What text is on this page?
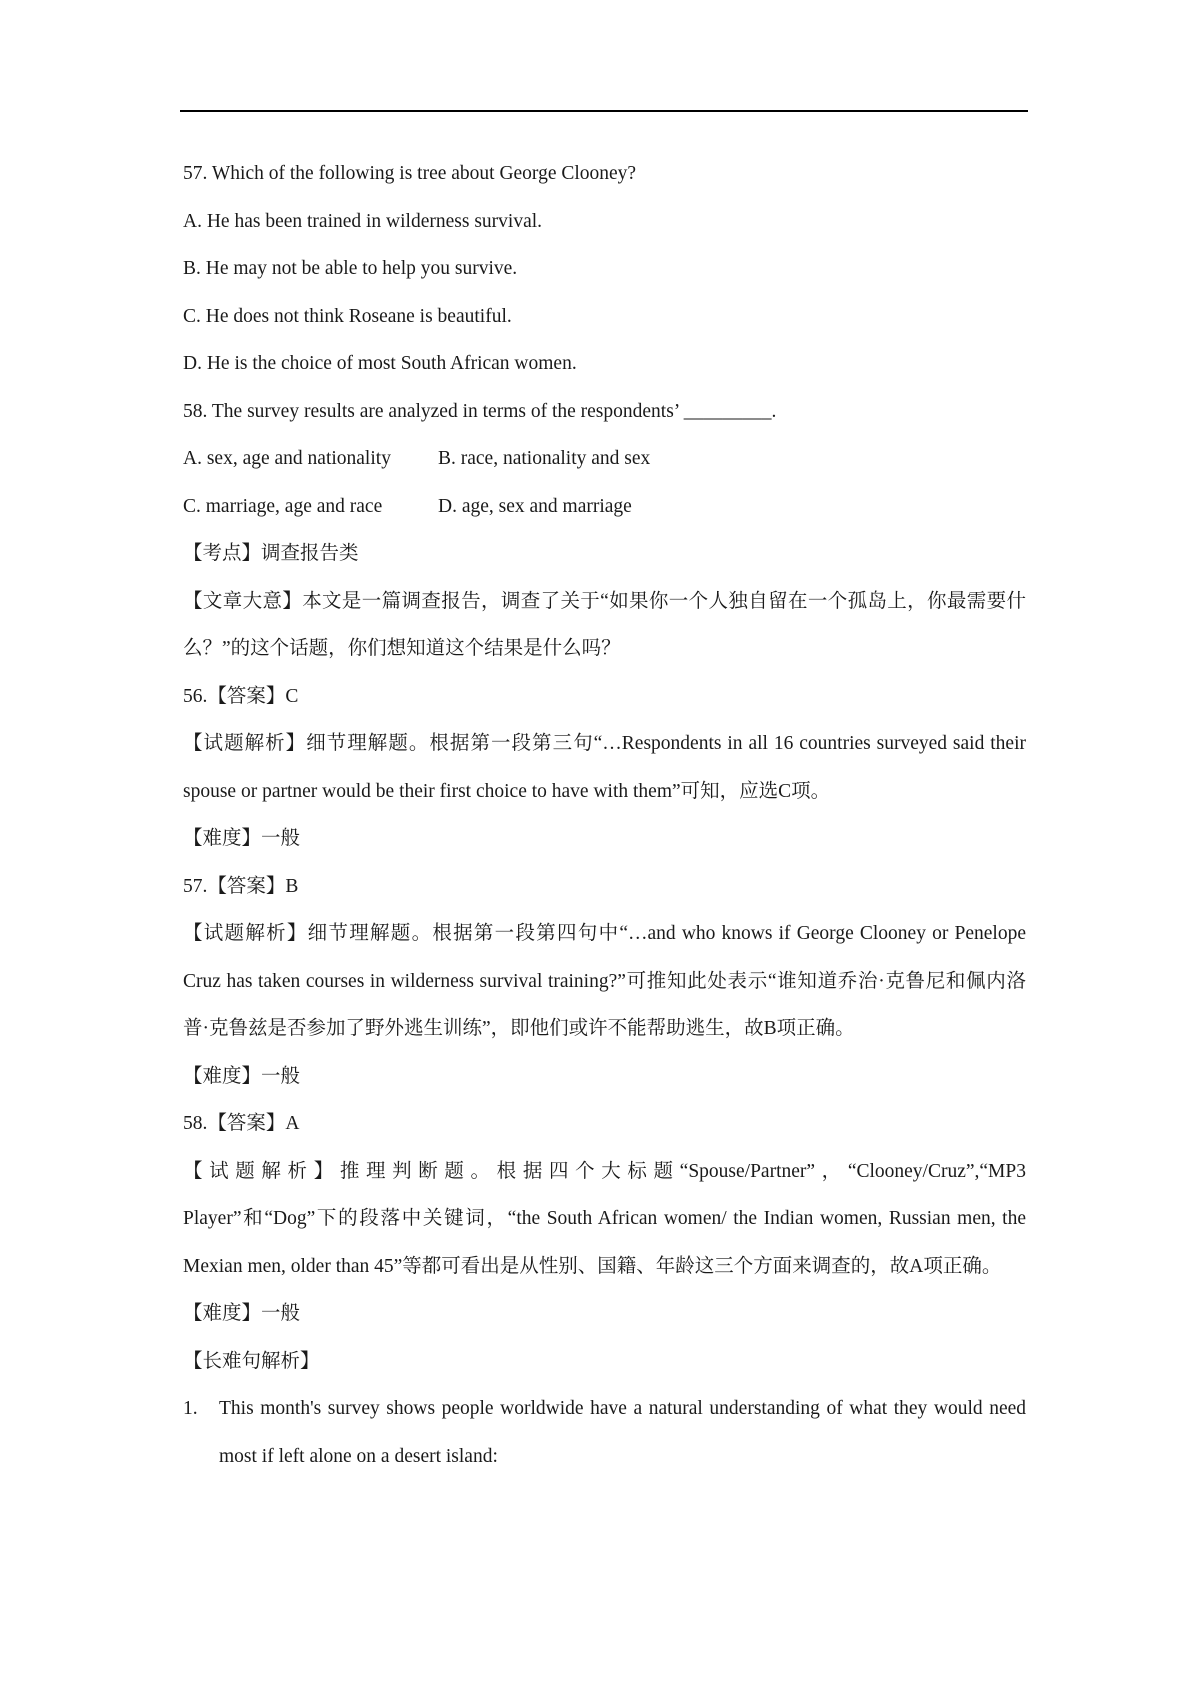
57. Which of the following is tree about George Clooney?
A. He has been trained in wilderness survival.
B. He may not be able to help you survive.
C. He does not think Roseane is beautiful.
D. He is the choice of most South African women.
58. The survey results are analyzed in terms of the respondents’ _________.
A. sex, age and nationality B. race, nationality and sex
C. marriage, age and race	D. age, sex and marriage
【考点】调查报告类
【文章大意】本文是一篇调查报告，调查了关于“如果你一个人独自留在一个孤岛上，你最需要什么？”的这个话题，你们想知道这个结果是什么吗？
56.【答案】C
【试题解析】细节理解题。根据第一段第三句“…Respondents in all 16 countries surveyed said their spouse or partner would be their first choice to have with them”可知，应选C项。
【难度】一般
57.【答案】B
【试题解析】细节理解题。根据第一段第四句中“…and who knows if George Clooney or Penelope Cruz has taken courses in wilderness survival training?”可推知此处表示“谁知道乔治·克鲁尼和佩内洛普·克鲁兹是否参加了野外逃生训练”，即他们或许不能帮助逃生，故B项正确。
【难度】一般
58.【答案】A
【试题解析】推理判断题。根据四个大标题“Spouse/Partner”，“Clooney/Cruz”,“MP3 Player”和“Dog”下的段落中关键词，“the South African women/ the Indian women, Russian men, the Mexian men, older than 45”等都可看出是从性别、国籍、年龄这三个方面来调查的，故A项正确。
【难度】一般
【长难句解析】
1. This month's survey shows people worldwide have a natural understanding of what they would need most if left alone on a desert island:
